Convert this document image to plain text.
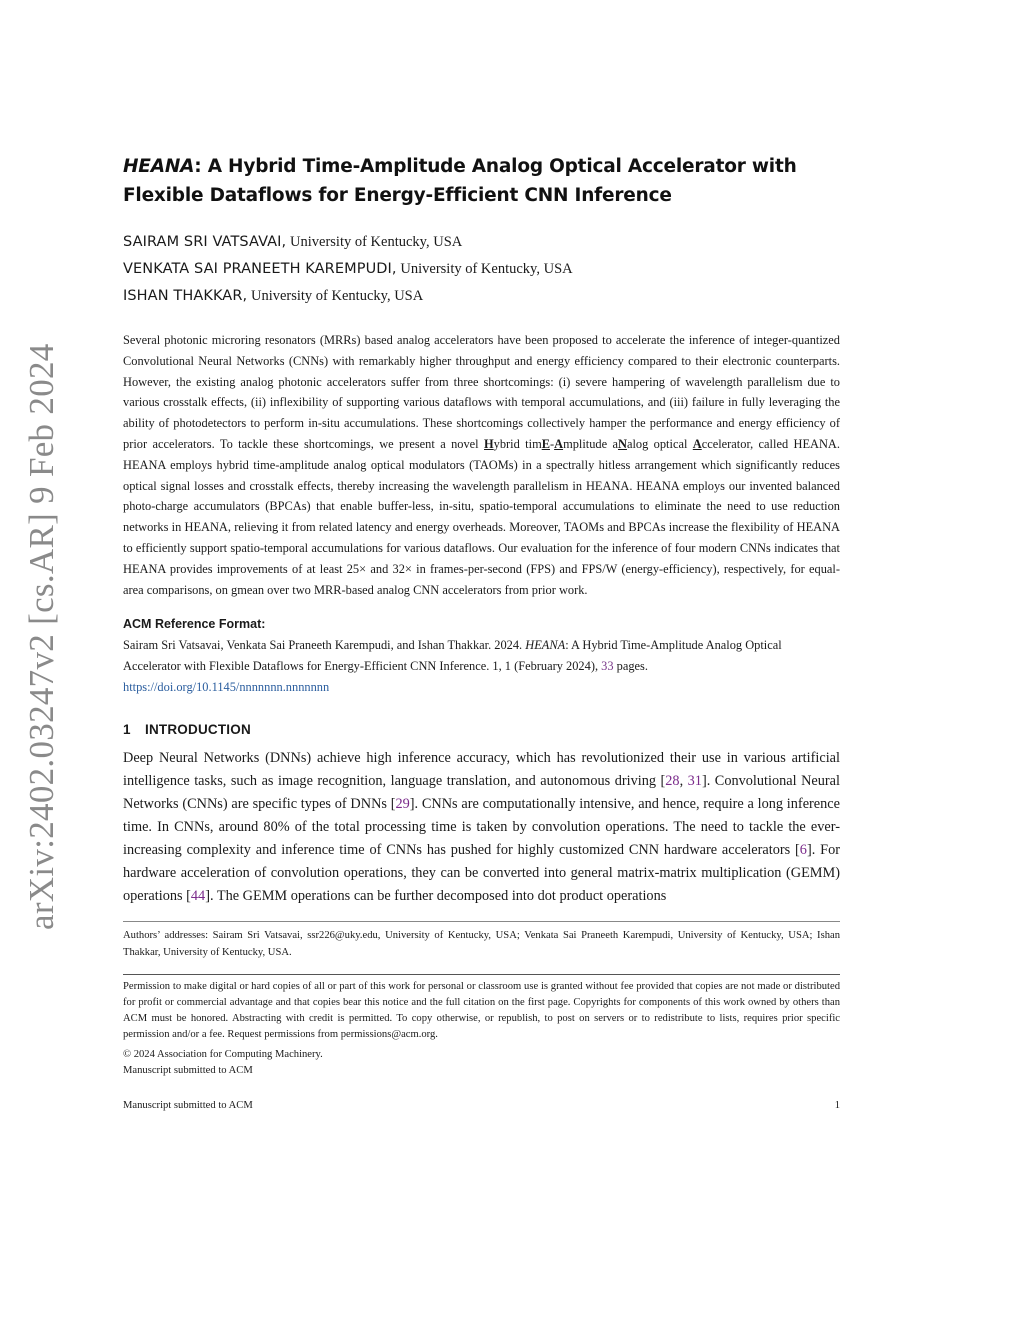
arXiv:2402.03247v2 [cs.AR] 9 Feb 2024
HEANA: A Hybrid Time-Amplitude Analog Optical Accelerator with Flexible Dataflows for Energy-Efficient CNN Inference

SAIRAM SRI VATSAVAI, University of Kentucky, USA

VENKATA SAI PRANEETH KAREMPUDI, University of Kentucky, USA

ISHAN THAKKAR, University of Kentucky, USA

Several photonic microring resonators (MRRs) based analog accelerators have been proposed to accelerate the inference of integer-quantized Convolutional Neural Networks (CNNs) with remarkably higher throughput and energy efficiency compared to their electronic counterparts. However, the existing analog photonic accelerators suffer from three shortcomings: (i) severe hampering of wavelength parallelism due to various crosstalk effects, (ii) inflexibility of supporting various dataflows with temporal accumulations, and (iii) failure in fully leveraging the ability of photodetectors to perform in-situ accumulations. These shortcomings collectively hamper the performance and energy efficiency of prior accelerators. To tackle these shortcomings, we present a novel Hybrid timE-Amplitude aNalog optical Accelerator, called HEANA. HEANA employs hybrid time-amplitude analog optical modulators (TAOMs) in a spectrally hitless arrangement which significantly reduces optical signal losses and crosstalk effects, thereby increasing the wavelength parallelism in HEANA. HEANA employs our invented balanced photo-charge accumulators (BPCAs) that enable buffer-less, in-situ, spatio-temporal accumulations to eliminate the need to use reduction networks in HEANA, relieving it from related latency and energy overheads. Moreover, TAOMs and BPCAs increase the flexibility of HEANA to efficiently support spatio-temporal accumulations for various dataflows. Our evaluation for the inference of four modern CNNs indicates that HEANA provides improvements of at least 25× and 32× in frames-per-second (FPS) and FPS/W (energy-efficiency), respectively, for equal-area comparisons, on gmean over two MRR-based analog CNN accelerators from prior work.

ACM Reference Format:

Sairam Sri Vatsavai, Venkata Sai Praneeth Karempudi, and Ishan Thakkar. 2024. HEANA: A Hybrid Time-Amplitude Analog Optical Accelerator with Flexible Dataflows for Energy-Efficient CNN Inference. 1, 1 (February 2024), 33 pages. https://doi.org/10.1145/nnnnnnn.nnnnnnn

1 INTRODUCTION

Deep Neural Networks (DNNs) achieve high inference accuracy, which has revolutionized their use in various artificial intelligence tasks, such as image recognition, language translation, and autonomous driving [28, 31]. Convolutional Neural Networks (CNNs) are specific types of DNNs [29]. CNNs are computationally intensive, and hence, require a long inference time. In CNNs, around 80% of the total processing time is taken by convolution operations. The need to tackle the ever-increasing complexity and inference time of CNNs has pushed for highly customized CNN hardware accelerators [6]. For hardware acceleration of convolution operations, they can be converted into general matrix-matrix multiplication (GEMM) operations [44]. The GEMM operations can be further decomposed into dot product operations

Authors’ addresses: Sairam Sri Vatsavai, ssr226@uky.edu, University of Kentucky, USA; Venkata Sai Praneeth Karempudi, University of Kentucky, USA; Ishan Thakkar, University of Kentucky, USA.

Permission to make digital or hard copies of all or part of this work for personal or classroom use is granted without fee provided that copies are not made or distributed for profit or commercial advantage and that copies bear this notice and the full citation on the first page. Copyrights for components of this work owned by others than ACM must be honored. Abstracting with credit is permitted. To copy otherwise, or republish, to post on servers or to redistribute to lists, requires prior specific permission and/or a fee. Request permissions from permissions@acm.org.

© 2024 Association for Computing Machinery.

Manuscript submitted to ACM

Manuscript submitted to ACM	1
